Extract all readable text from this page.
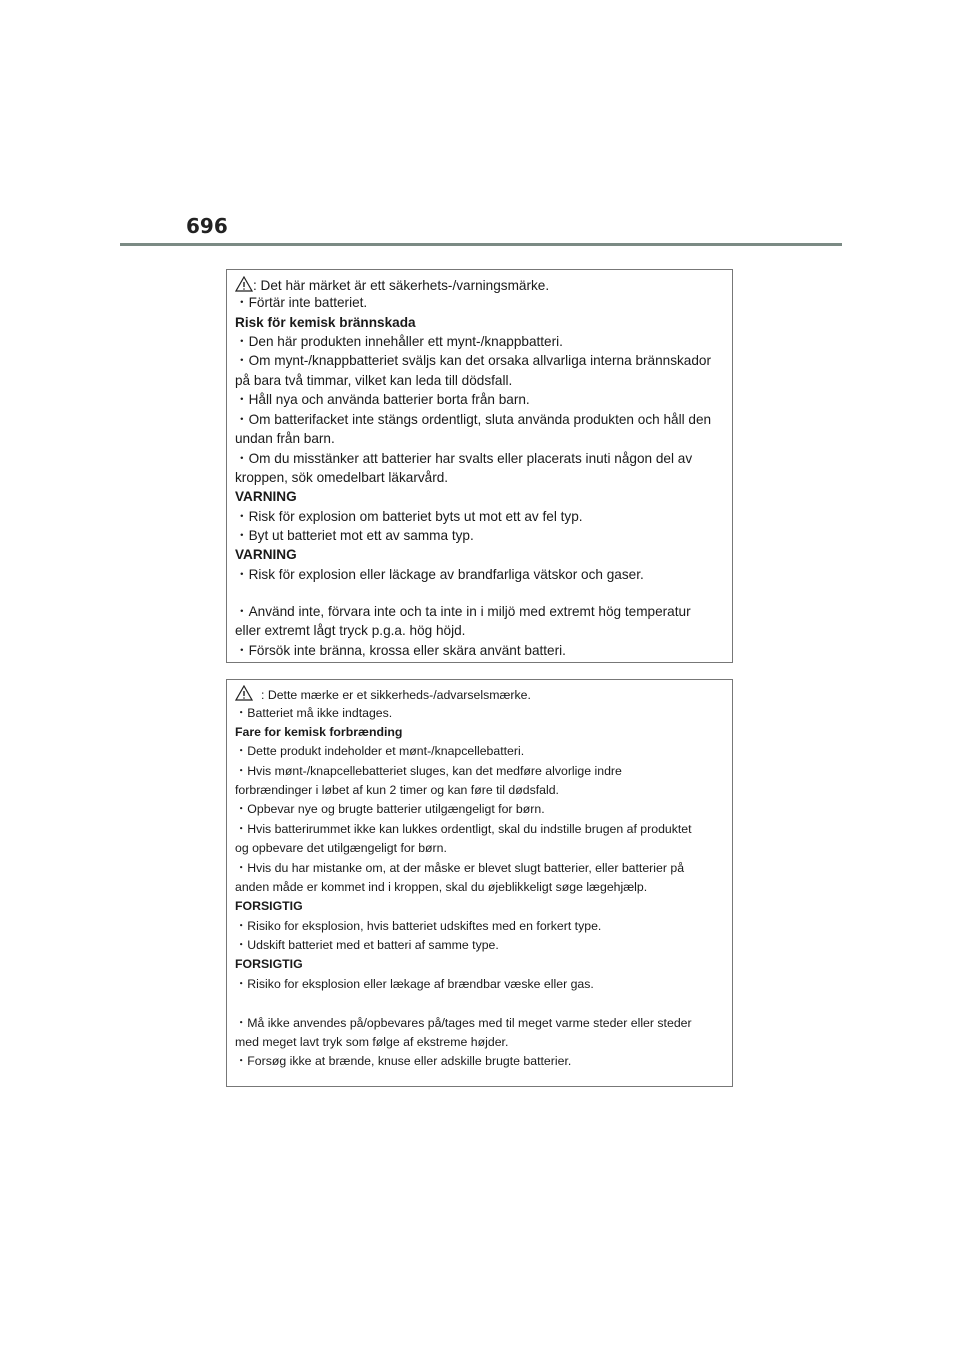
696
: Det här märket är ett säkerhets-/varningsmärke.
・Förtär inte batteriet.
Risk för kemisk brännskada
・Den här produkten innehåller ett mynt-/knappbatteri.
・Om mynt-/knappbatteriet sväljs kan det orsaka allvarliga interna brännskador
på bara två timmar, vilket kan leda till dödsfall.
・Håll nya och använda batterier borta från barn.
・Om batterifacket inte stängs ordentligt, sluta använda produkten och håll den
undan från barn.
・Om du misstänker att batterier har svalts eller placerats inuti någon del av
kroppen, sök omedelbart läkarvård.
VARNING
・Risk för explosion om batteriet byts ut mot ett av fel typ.
・Byt ut batteriet mot ett av samma typ.
VARNING
・Risk för explosion eller läckage av brandfarliga vätskor och gaser.
・Använd inte, förvara inte och ta inte in i miljö med extremt hög temperatur
eller extremt lågt tryck p.g.a. hög höjd.
・Försök inte bränna, krossa eller skära använt batteri.
: Dette mærke er et sikkerheds-/advarselsmærke.
・Batteriet må ikke indtages.
Fare for kemisk forbrænding
・Dette produkt indeholder et mønt-/knapcellebatteri.
・Hvis mønt-/knapcellebatteriet sluges, kan det medføre alvorlige indre
forbrændinger i løbet af kun 2 timer og kan føre til dødsfald.
・Opbevar nye og brugte batterier utilgængeligt for børn.
・Hvis batterirummet ikke kan lukkes ordentligt, skal du indstille brugen af produktet
og opbevare det utilgængeligt for børn.
・Hvis du har mistanke om, at der måske er blevet slugt batterier, eller batterier på
anden måde er kommet ind i kroppen, skal du øjeblikkeligt søge lægehjælp.
FORSIGTIG
・Risiko for eksplosion, hvis batteriet udskiftes med en forkert type.
・Udskift batteriet med et batteri af samme type.
FORSIGTIG
・Risiko for eksplosion eller lækage af brændbar væske eller gas.
・Må ikke anvendes på/opbevares på/tages med til meget varme steder eller steder
med meget lavt tryk som følge af ekstreme højder.
・Forsøg ikke at brænde, knuse eller adskille brugte batterier.
